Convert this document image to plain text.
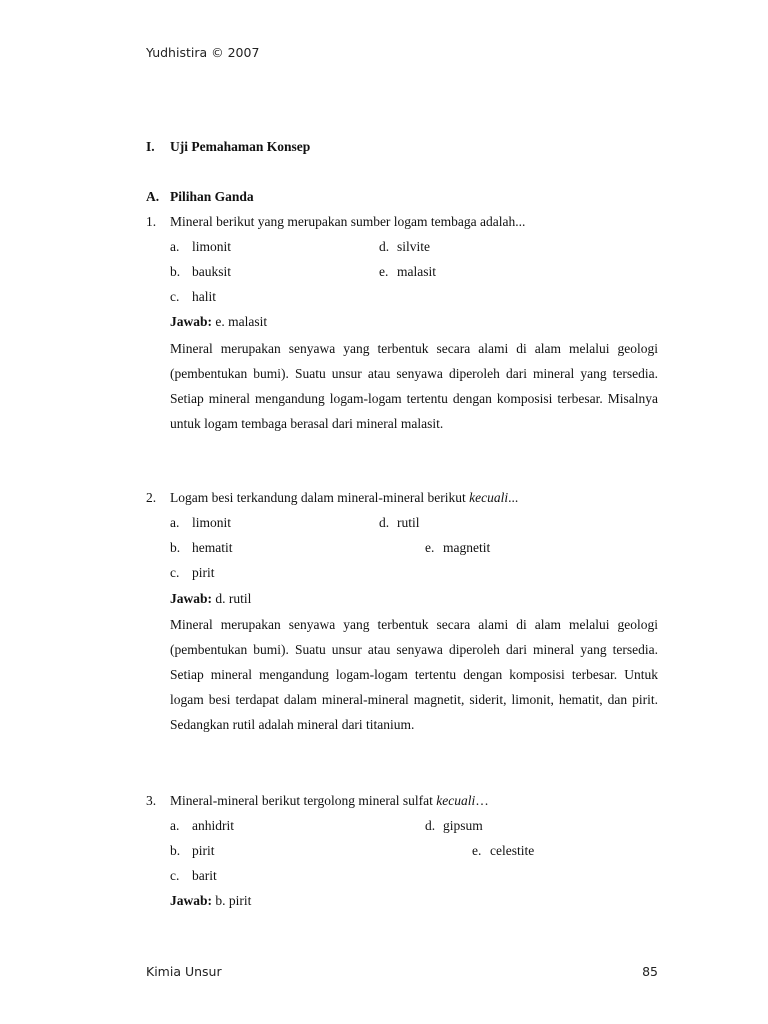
Yudhistira © 2007
I. Uji Pemahaman Konsep
A. Pilihan Ganda
1. Mineral berikut yang merupakan sumber logam tembaga adalah...
a. limonit
b. bauksit
c. halit
d. silvite
e. malasit
Jawab: e. malasit
Mineral merupakan senyawa yang terbentuk secara alami di alam melalui geologi (pembentukan bumi). Suatu unsur atau senyawa diperoleh dari mineral yang tersedia. Setiap mineral mengandung logam-logam tertentu dengan komposisi terbesar. Misalnya untuk logam tembaga berasal dari mineral malasit.
2. Logam besi terkandung dalam mineral-mineral berikut kecuali...
a. limonit
b. hematit
c. pirit
d. rutil
e. magnetit
Jawab: d. rutil
Mineral merupakan senyawa yang terbentuk secara alami di alam melalui geologi (pembentukan bumi). Suatu unsur atau senyawa diperoleh dari mineral yang tersedia. Setiap mineral mengandung logam-logam tertentu dengan komposisi terbesar. Untuk logam besi terdapat dalam mineral-mineral magnetit, siderit, limonit, hematit, dan pirit. Sedangkan rutil adalah mineral dari titanium.
3. Mineral-mineral berikut tergolong mineral sulfat kecuali…
a. anhidrit
b. pirit
c. barit
d. gipsum
e. celestite
Jawab: b. pirit
Kimia Unsur	85
